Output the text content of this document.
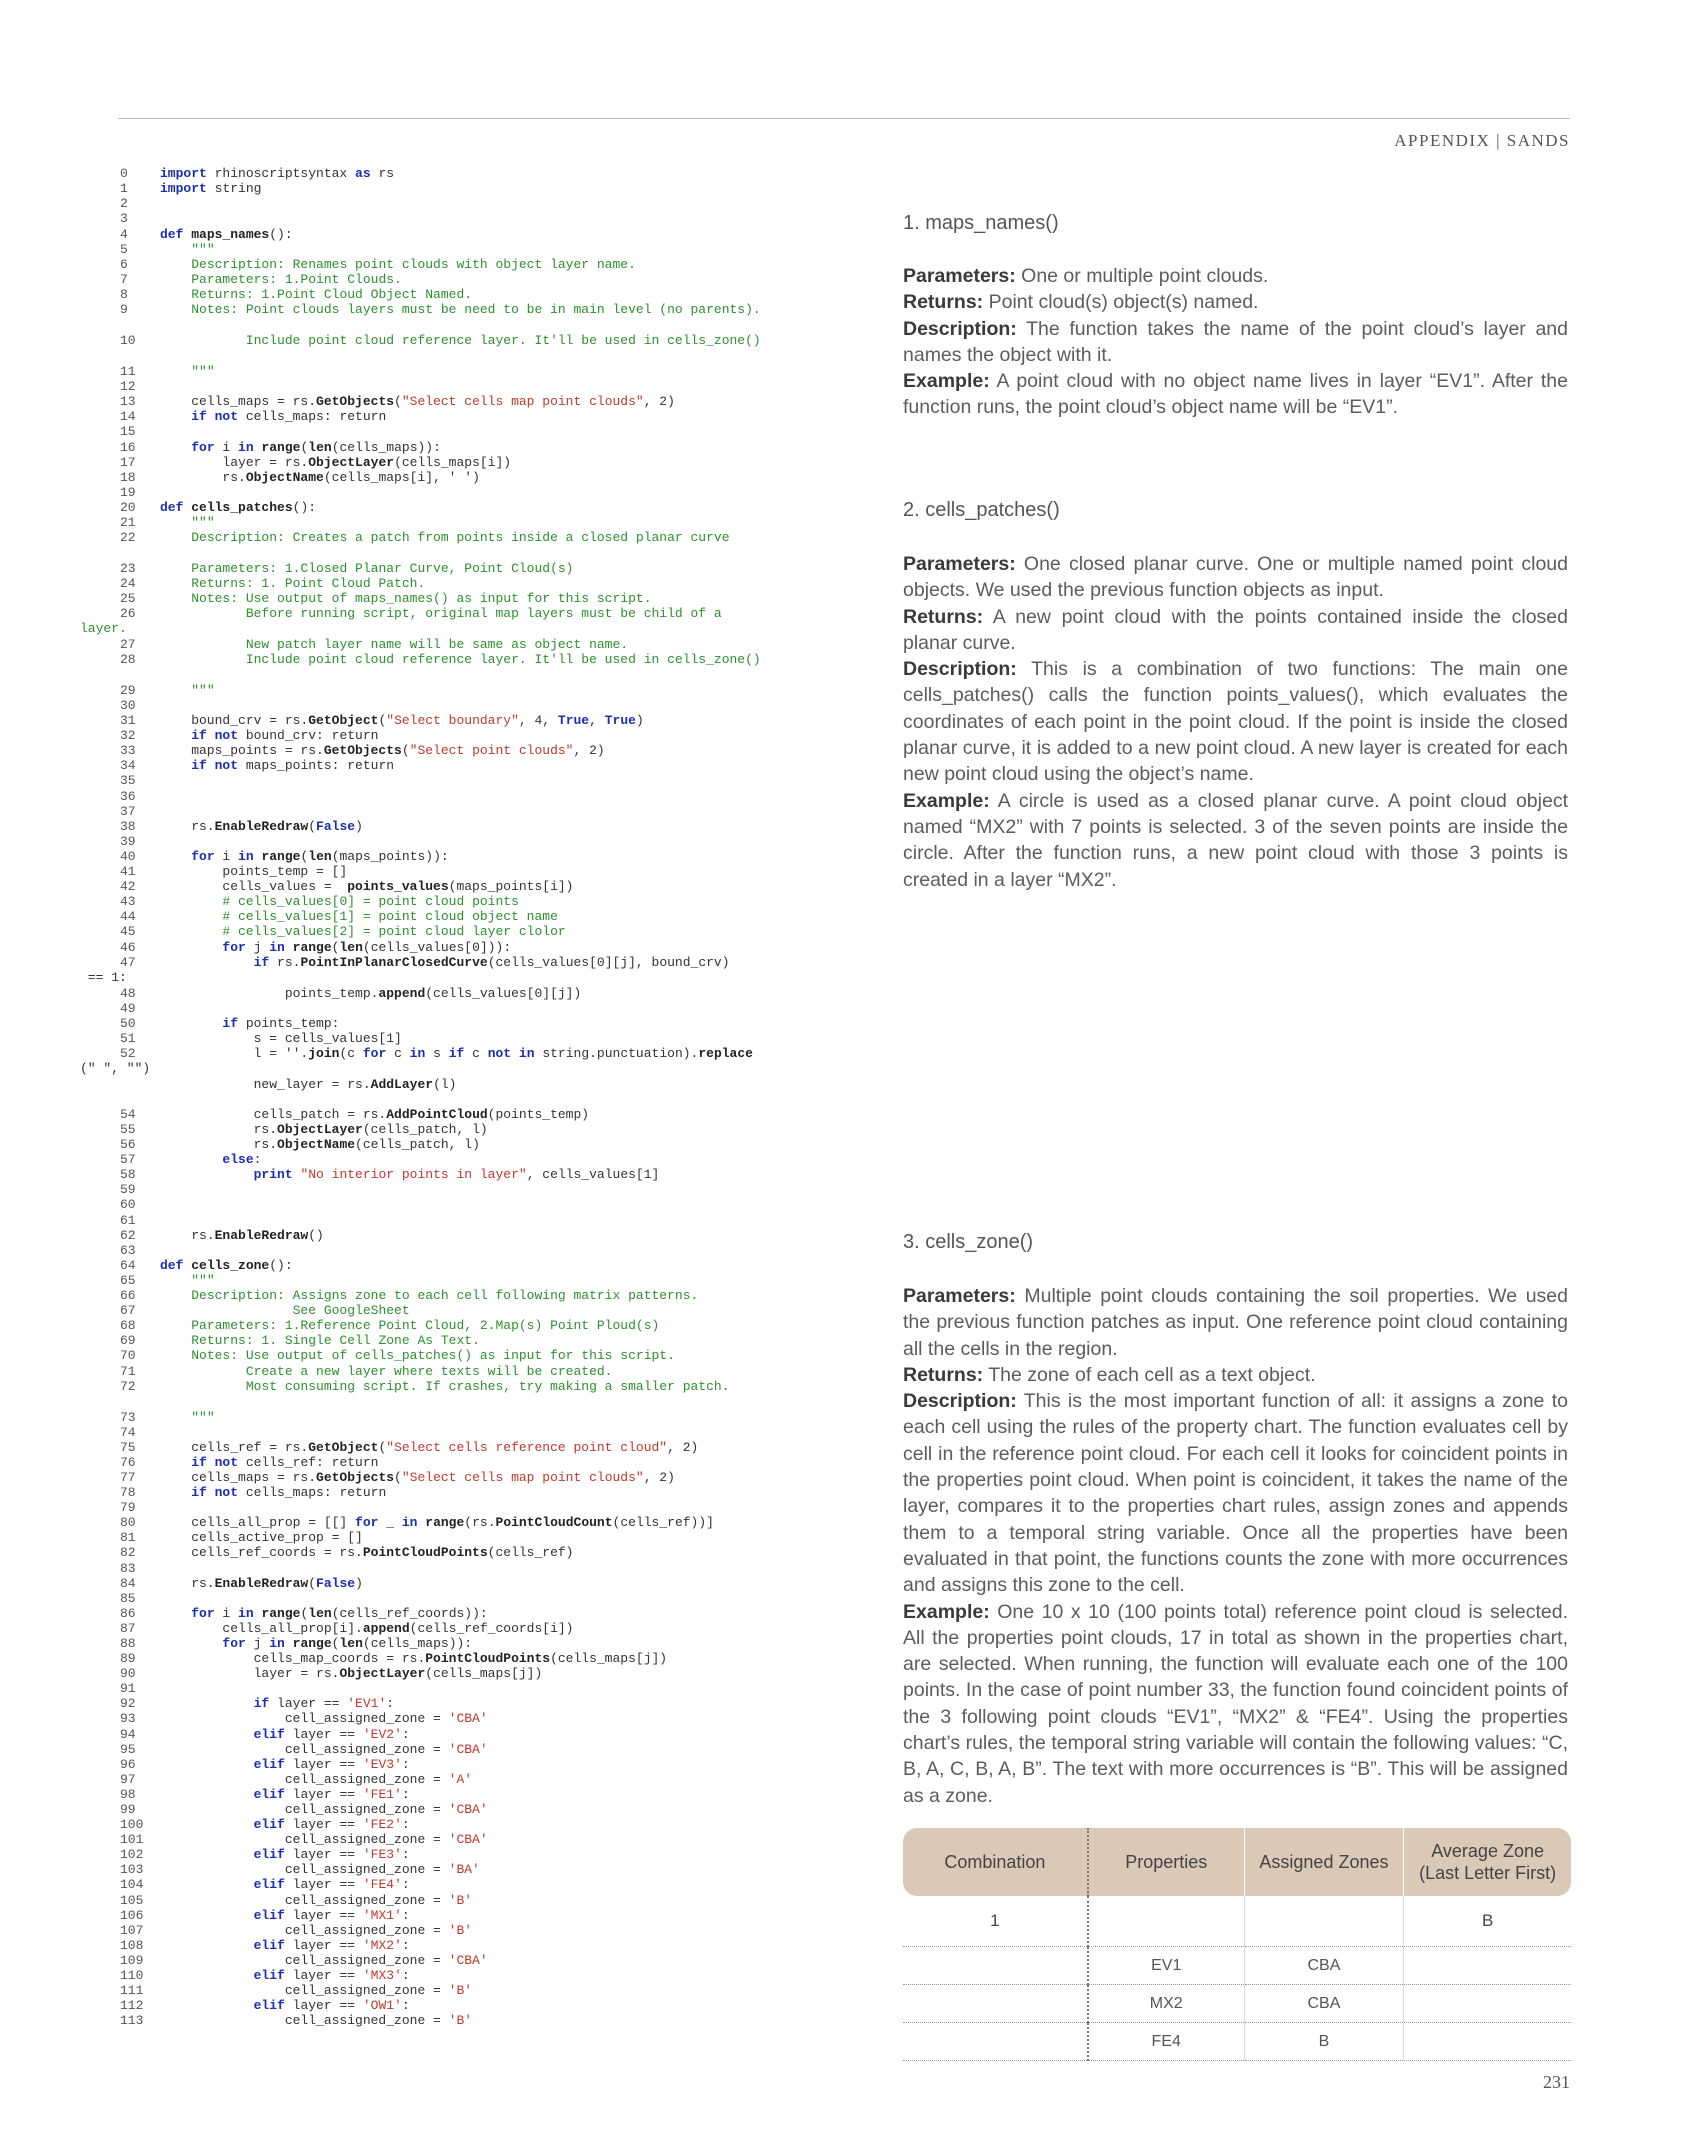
APPENDIX | SANDS
0 import rhinoscriptsyntax as rs
1 import string
2
3
4 def maps_names():
5	"""
6	Description: Renames point clouds with object layer name.
7	Parameters: 1.Point Clouds.
8	Returns: 1.Point Cloud Object Named.
9	Notes: Point clouds layers must be need to be in main level (no parents).
10	Include point cloud reference layer. It'll be used in cells_zone()
11	"""
12
13    cells_maps = rs.GetObjects("Select cells map point clouds", 2)
14	if not cells_maps: return
15
16	for i in range(len(cells_maps)):
17        layer = rs.ObjectLayer(cells_maps[i])
18        rs.ObjectName(cells_maps[i], ' ')
19
20 def cells_patches():
21	"""
22	Description: Creates a patch from points inside a closed planar curve
23	Parameters: 1.Closed Planar Curve, Point Cloud(s)
24	Returns: 1. Point Cloud Patch.
25	Notes: Use output of maps_names() as input for this script.
26	Before running script, original map layers must be child of a
layer.
27	New patch layer name will be same as object name.
28	Include point cloud reference layer. It'll be used in cells_zone()
29	"""
30
31    bound_crv = rs.GetObject("Select boundary", 4, True, True)
32	if not bound_crv: return
33    maps_points = rs.GetObjects("Select point clouds", 2)
34	if not maps_points: return
35
36
37
38    rs.EnableRedraw(False)
39
40	for i in range(len(maps_points)):
41        points_temp = []
42        cells_values =  points_values(maps_points[i])
43	# cells_values[0] = point cloud points
44	# cells_values[1] = point cloud object name
45	# cells_values[2] = point cloud layer clolor
46	for j in range(len(cells_values[0])):
47	if rs.PointInPlanarClosedCurve(cells_values[0][j], bound_crv)
== 1:
48                points_temp.append(cells_values[0][j])
49
50	if points_temp:
51            s = cells_values[1]
52            l = ''.join(c for c in s if c not in string.punctuation).replace
(" ", "")
new_layer = rs.AddLayer(l)
54            cells_patch = rs.AddPointCloud(points_temp)
55            rs.ObjectLayer(cells_patch, l)
56            rs.ObjectName(cells_patch, l)
57	else:
58	print "No interior points in layer", cells_values[1]
59
60
61
62    rs.EnableRedraw()
63
64 def cells_zone():
65	"""
66	Description: Assigns zone to each cell following matrix patterns.
67	See GoogleSheet
68	Parameters: 1.Reference Point Cloud, 2.Map(s) Point Ploud(s)
69	Returns: 1. Single Cell Zone As Text.
70	Notes: Use output of cells_patches() as input for this script.
71	Create a new layer where texts will be created.
72	Most consuming script. If crashes, try making a smaller patch.
73	"""
74
75    cells_ref = rs.GetObject("Select cells reference point cloud", 2)
76	if not cells_ref: return
77    cells_maps = rs.GetObjects("Select cells map point clouds", 2)
78	if not cells_maps: return
79
80    cells_all_prop = [[] for _ in range(rs.PointCloudCount(cells_ref))]
81    cells_active_prop = []
82    cells_ref_coords = rs.PointCloudPoints(cells_ref)
83
84    rs.EnableRedraw(False)
85
86	for i in range(len(cells_ref_coords)):
87        cells_all_prop[i].append(cells_ref_coords[i])
88	for j in range(len(cells_maps)):
89            cells_map_coords = rs.PointCloudPoints(cells_maps[j])
90            layer = rs.ObjectLayer(cells_maps[j])
91
92	if layer == 'EV1':
93                cell_assigned_zone = 'CBA'
94	elif layer == 'EV2':
95                cell_assigned_zone = 'CBA'
96	elif layer == 'EV3':
97                cell_assigned_zone = 'A'
98	elif layer == 'FE1':
99                cell_assigned_zone = 'CBA'
100	elif layer == 'FE2':
101                cell_assigned_zone = 'CBA'
102	elif layer == 'FE3':
103                cell_assigned_zone = 'BA'
104	elif layer == 'FE4':
105                cell_assigned_zone = 'B'
106	elif layer == 'MX1':
107                cell_assigned_zone = 'B'
108	elif layer == 'MX2':
109                cell_assigned_zone = 'CBA'
110	elif layer == 'MX3':
111                cell_assigned_zone = 'B'
112	elif layer == 'OW1':
113                cell_assigned_zone = 'B'
1. maps_names()

Parameters: One or multiple point clouds.

Returns: Point cloud(s) object(s) named.

Description: The function takes the name of the point cloud’s layer and names the object with it.

Example: A point cloud with no object name lives in layer “EV1”. After the function runs, the point cloud’s object name will be “EV1”.

2. cells_patches()

Parameters: One closed planar curve. One or multiple named point cloud objects. We used the previous function objects as input.

Returns: A new point cloud with the points contained inside the closed planar curve.

Description: This is a combination of two functions: The main one cells_patches() calls the function points_values(), which evaluates the coordinates of each point in the point cloud. If the point is inside the closed planar curve, it is added to a new point cloud. A new layer is created for each new point cloud using the object’s name.

Example: A circle is used as a closed planar curve. A point cloud object named “MX2” with 7 points is selected. 3 of the seven points are inside the circle. After the function runs, a new point cloud with those 3 points is created in a layer “MX2”.

3. cells_zone()

Parameters: Multiple point clouds containing the soil properties. We used the previous function patches as input. One reference point cloud containing all the cells in the region.

Returns: The zone of each cell as a text object.

Description: This is the most important function of all: it assigns a zone to each cell using the rules of the property chart. The function evaluates cell by cell in the reference point cloud. For each cell it looks for coincident points in the properties point cloud. When point is coincident, it takes the name of the layer, compares it to the properties chart rules, assign zones and appends them to a temporal string variable. Once all the properties have been evaluated in that point, the functions counts the zone with more occurrences and assigns this zone to the cell.

Example: One 10 x 10 (100 points total) reference point cloud is selected. All the properties point clouds, 17 in total as shown in the properties chart, are selected. When running, the function will evaluate each one of the 100 points. In the case of point number 33, the function found coincident points of the 3 following point clouds “EV1”, “MX2” & “FE4”. Using the properties chart’s rules, the temporal string variable will contain the following values: “C, B, A, C, B, A, B”. The text with more occurrences is “B”. This will be assigned as a zone.

Combination	Properties	Assigned Zones	Average Zone (Last Letter First)
1			B
	EV1	CBA	
	MX2	CBA	
	FE4	B	
231
